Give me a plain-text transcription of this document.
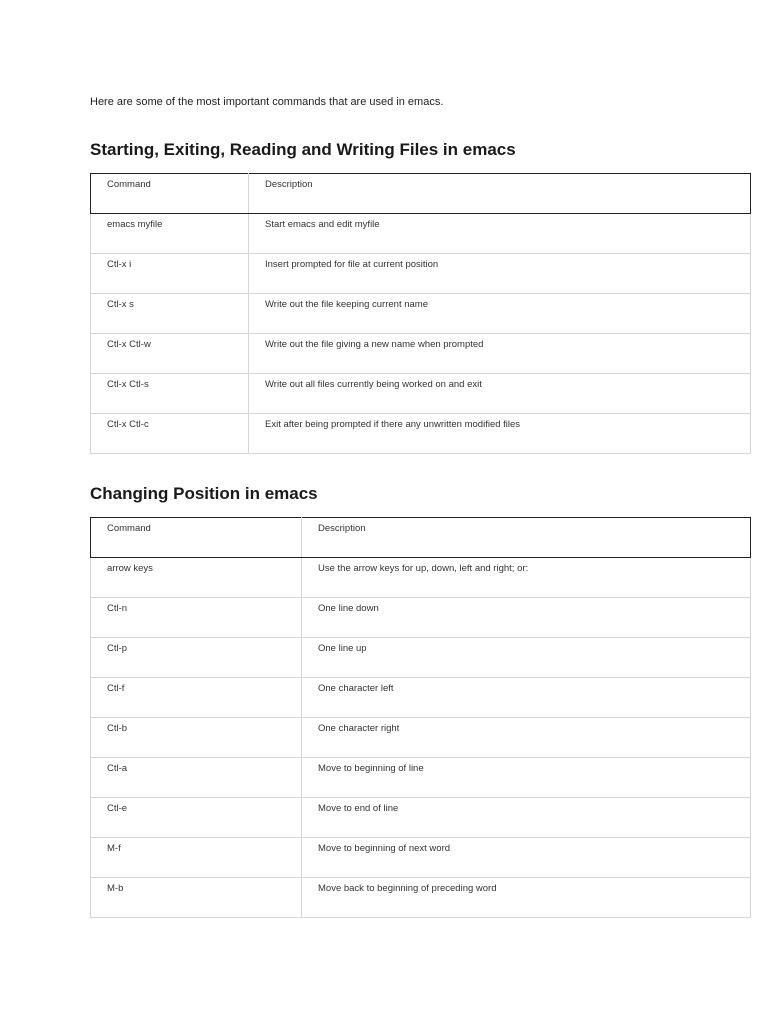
Here are some of the most important commands that are used in emacs.

Starting, Exiting, Reading and Writing Files in emacs
Command	Description
emacs myfile	Start emacs and edit myfile
Ctl-x i	Insert prompted for file at current position
Ctl-x s	Write out the file keeping current name
Ctl-x Ctl-w	Write out the file giving a new name when prompted
Ctl-x Ctl-s	Write out all files currently being worked on and exit
Ctl-x Ctl-c	Exit after being prompted if there any unwritten modified files
Changing Position in emacs
Command	Description
arrow keys	Use the arrow keys for up, down, left and right; or:
Ctl-n	One line down
Ctl-p	One line up
Ctl-f	One character left
Ctl-b	One character right
Ctl-a	Move to beginning of line
Ctl-e	Move to end of line
M-f	Move to beginning of next word
M-b	Move back to beginning of preceding word
